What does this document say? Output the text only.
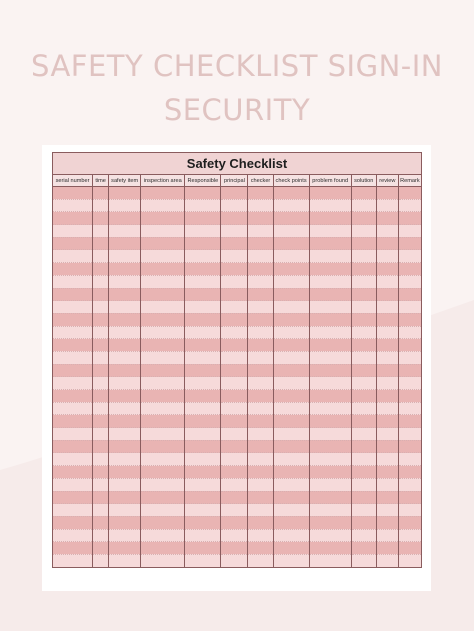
SAFETY CHECKLIST SIGN-IN
SECURITY
Safety Checklist											
serial number	time	safety item	inspection area	Responsible	principal	checker	check points	problem found	solution	review	Remark
